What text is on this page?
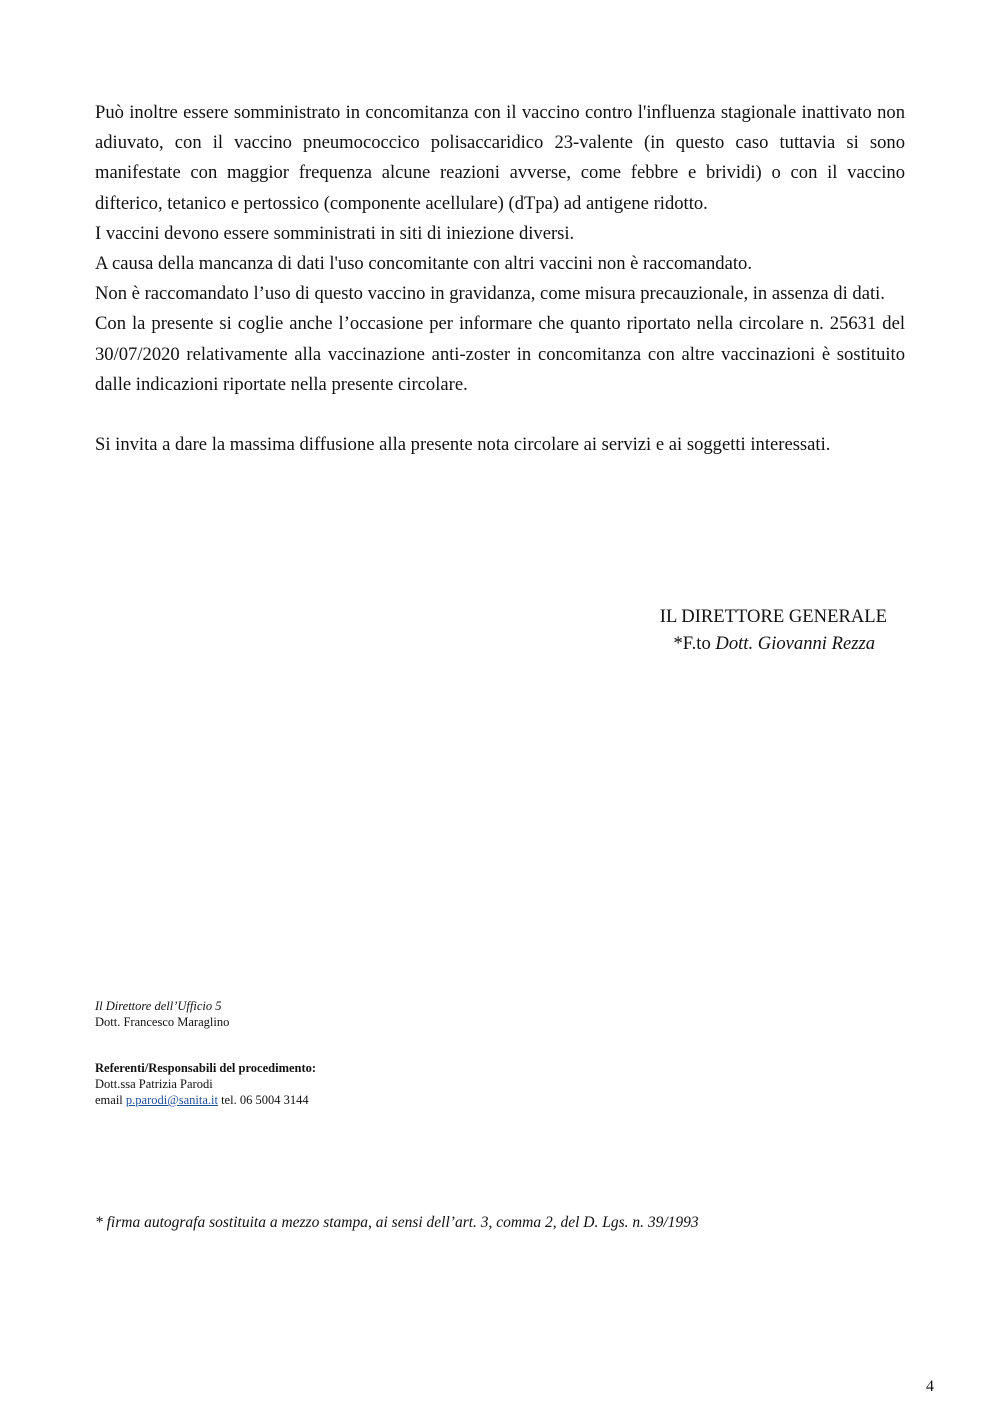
Può inoltre essere somministrato in concomitanza con il vaccino contro l'influenza stagionale inattivato non adiuvato, con il vaccino pneumococcico polisaccaridico 23-valente (in questo caso tuttavia si sono manifestate con maggior frequenza alcune reazioni avverse, come febbre e brividi) o con il vaccino difterico, tetanico e pertossico (componente acellulare) (dTpa) ad antigene ridotto.

I vaccini devono essere somministrati in siti di iniezione diversi.

A causa della mancanza di dati l'uso concomitante con altri vaccini non è raccomandato.

Non è raccomandato l’uso di questo vaccino in gravidanza, come misura precauzionale, in assenza di dati.

Con la presente si coglie anche l’occasione per informare che quanto riportato nella circolare n. 25631 del 30/07/2020 relativamente alla vaccinazione anti-zoster in concomitanza con altre vaccinazioni è sostituito dalle indicazioni riportate nella presente circolare.

Si invita a dare la massima diffusione alla presente nota circolare ai servizi e ai soggetti interessati.

IL DIRETTORE GENERALE
*F.to Dott. Giovanni Rezza
Il Direttore dell’Ufficio 5
Dott. Francesco Maraglino
Referenti/Responsabili del procedimento:
Dott.ssa Patrizia Parodi
email p.parodi@sanita.it tel. 06 5004 3144
* firma autografa sostituita a mezzo stampa, ai sensi dell’art. 3, comma 2, del D. Lgs. n. 39/1993
4
